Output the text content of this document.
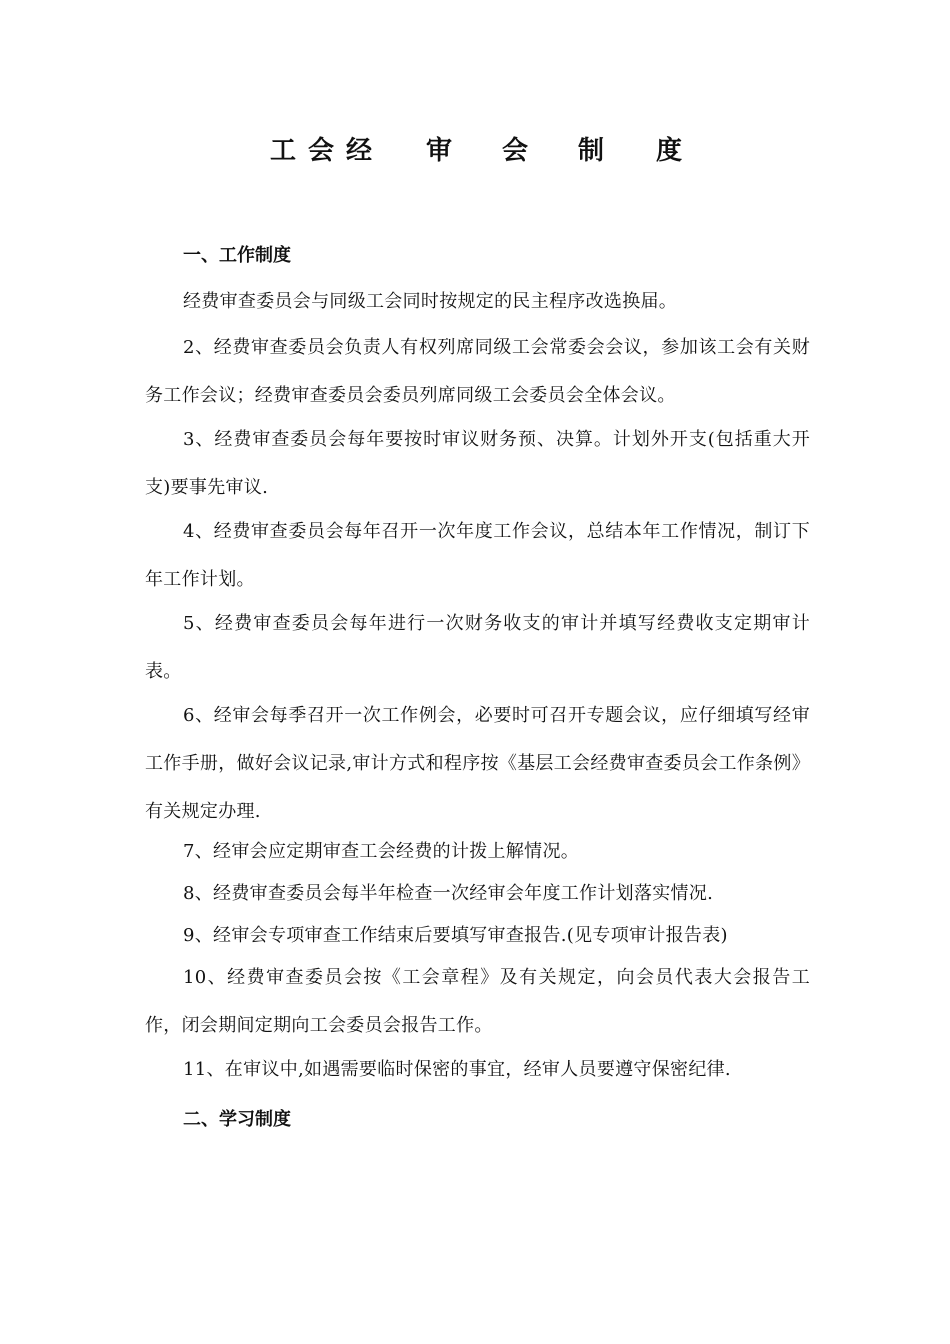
工 会 经 审 会 制 度

一、工作制度

经费审查委员会与同级工会同时按规定的民主程序改选换届。

2、经费审查委员会负责人有权列席同级工会常委会会议，参加该工会有关财务工作会议；经费审查委员会委员列席同级工会委员会全体会议。

3、经费审查委员会每年要按时审议财务预、决算。计划外开支(包括重大开支)要事先审议.

4、经费审查委员会每年召开一次年度工作会议，总结本年工作情况，制订下年工作计划。

5、经费审查委员会每年进行一次财务收支的审计并填写经费收支定期审计表。

6、经审会每季召开一次工作例会，必要时可召开专题会议，应仔细填写经审工作手册，做好会议记录,审计方式和程序按《基层工会经费审查委员会工作条例》有关规定办理.

7、经审会应定期审查工会经费的计拨上解情况。

8、经费审查委员会每半年检查一次经审会年度工作计划落实情况.

9、经审会专项审查工作结束后要填写审查报告.(见专项审计报告表)

10、经费审查委员会按《工会章程》及有关规定，向会员代表大会报告工作，闭会期间定期向工会委员会报告工作。

11、在审议中,如遇需要临时保密的事宜，经审人员要遵守保密纪律.

二、学习制度
